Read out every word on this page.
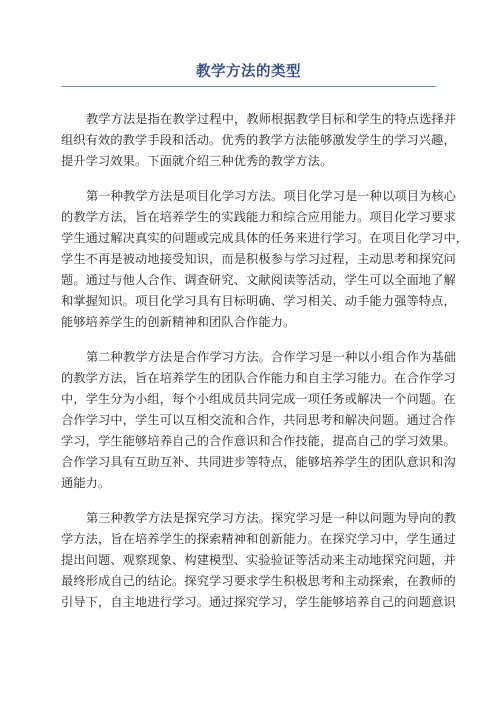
教学方法的类型
教学方法是指在教学过程中，教师根据教学目标和学生的特点选择并
组织有效的教学手段和活动。优秀的教学方法能够激发学生的学习兴趣，
提升学习效果。下面就介绍三种优秀的教学方法。
第一种教学方法是项目化学习方法。项目化学习是一种以项目为核心
的教学方法，旨在培养学生的实践能力和综合应用能力。项目化学习要求
学生通过解决真实的问题或完成具体的任务来进行学习。在项目化学习中，
学生不再是被动地接受知识，而是积极参与学习过程，主动思考和探究问
题。通过与他人合作、调查研究、文献阅读等活动，学生可以全面地了解
和掌握知识。项目化学习具有目标明确、学习相关、动手能力强等特点，
能够培养学生的创新精神和团队合作能力。
第二种教学方法是合作学习方法。合作学习是一种以小组合作为基础
的教学方法，旨在培养学生的团队合作能力和自主学习能力。在合作学习
中，学生分为小组，每个小组成员共同完成一项任务或解决一个问题。在
合作学习中，学生可以互相交流和合作，共同思考和解决问题。通过合作
学习，学生能够培养自己的合作意识和合作技能，提高自己的学习效果。
合作学习具有互助互补、共同进步等特点，能够培养学生的团队意识和沟
通能力。
第三种教学方法是探究学习方法。探究学习是一种以问题为导向的教
学方法，旨在培养学生的探索精神和创新能力。在探究学习中，学生通过
提出问题、观察现象、构建模型、实验验证等活动来主动地探究问题，并
最终形成自己的结论。探究学习要求学生积极思考和主动探索，在教师的
引导下，自主地进行学习。通过探究学习，学生能够培养自己的问题意识
